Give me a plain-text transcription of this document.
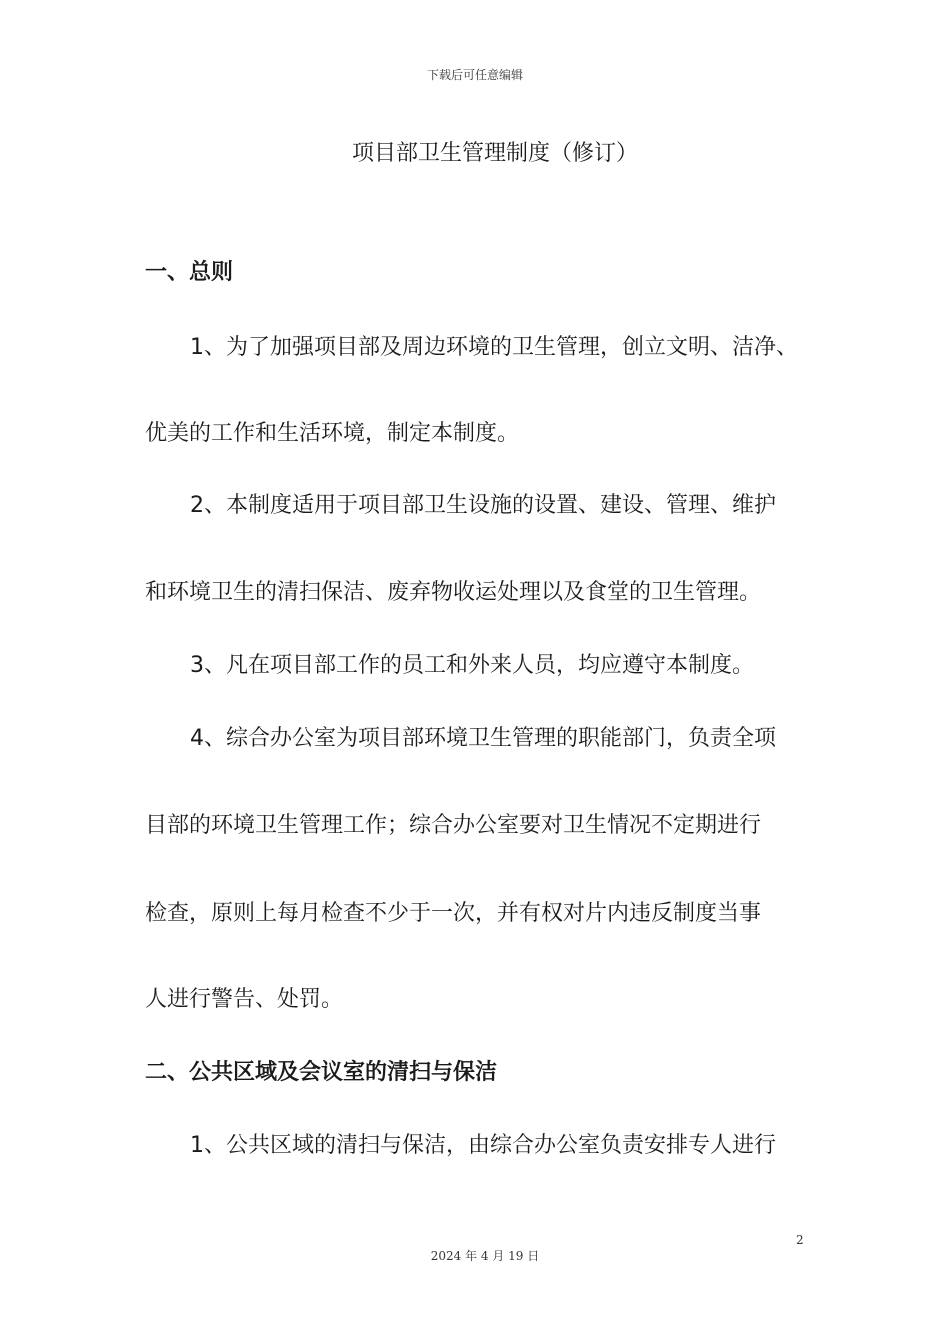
下载后可任意编辑
项目部卫生管理制度（修订）

一、总则

1、为了加强项目部及周边环境的卫生管理，创立文明、洁净、

优美的工作和生活环境，制定本制度。

2、本制度适用于项目部卫生设施的设置、建设、管理、维护

和环境卫生的清扫保洁、废弃物收运处理以及食堂的卫生管理。

3、凡在项目部工作的员工和外来人员，均应遵守本制度。

4、综合办公室为项目部环境卫生管理的职能部门，负责全项

目部的环境卫生管理工作；综合办公室要对卫生情况不定期进行

检查，原则上每月检查不少于一次，并有权对片内违反制度当事

人进行警告、处罚。

二、公共区域及会议室的清扫与保洁

1、公共区域的清扫与保洁，由综合办公室负责安排专人进行

2
2024 年 4 月 19 日
